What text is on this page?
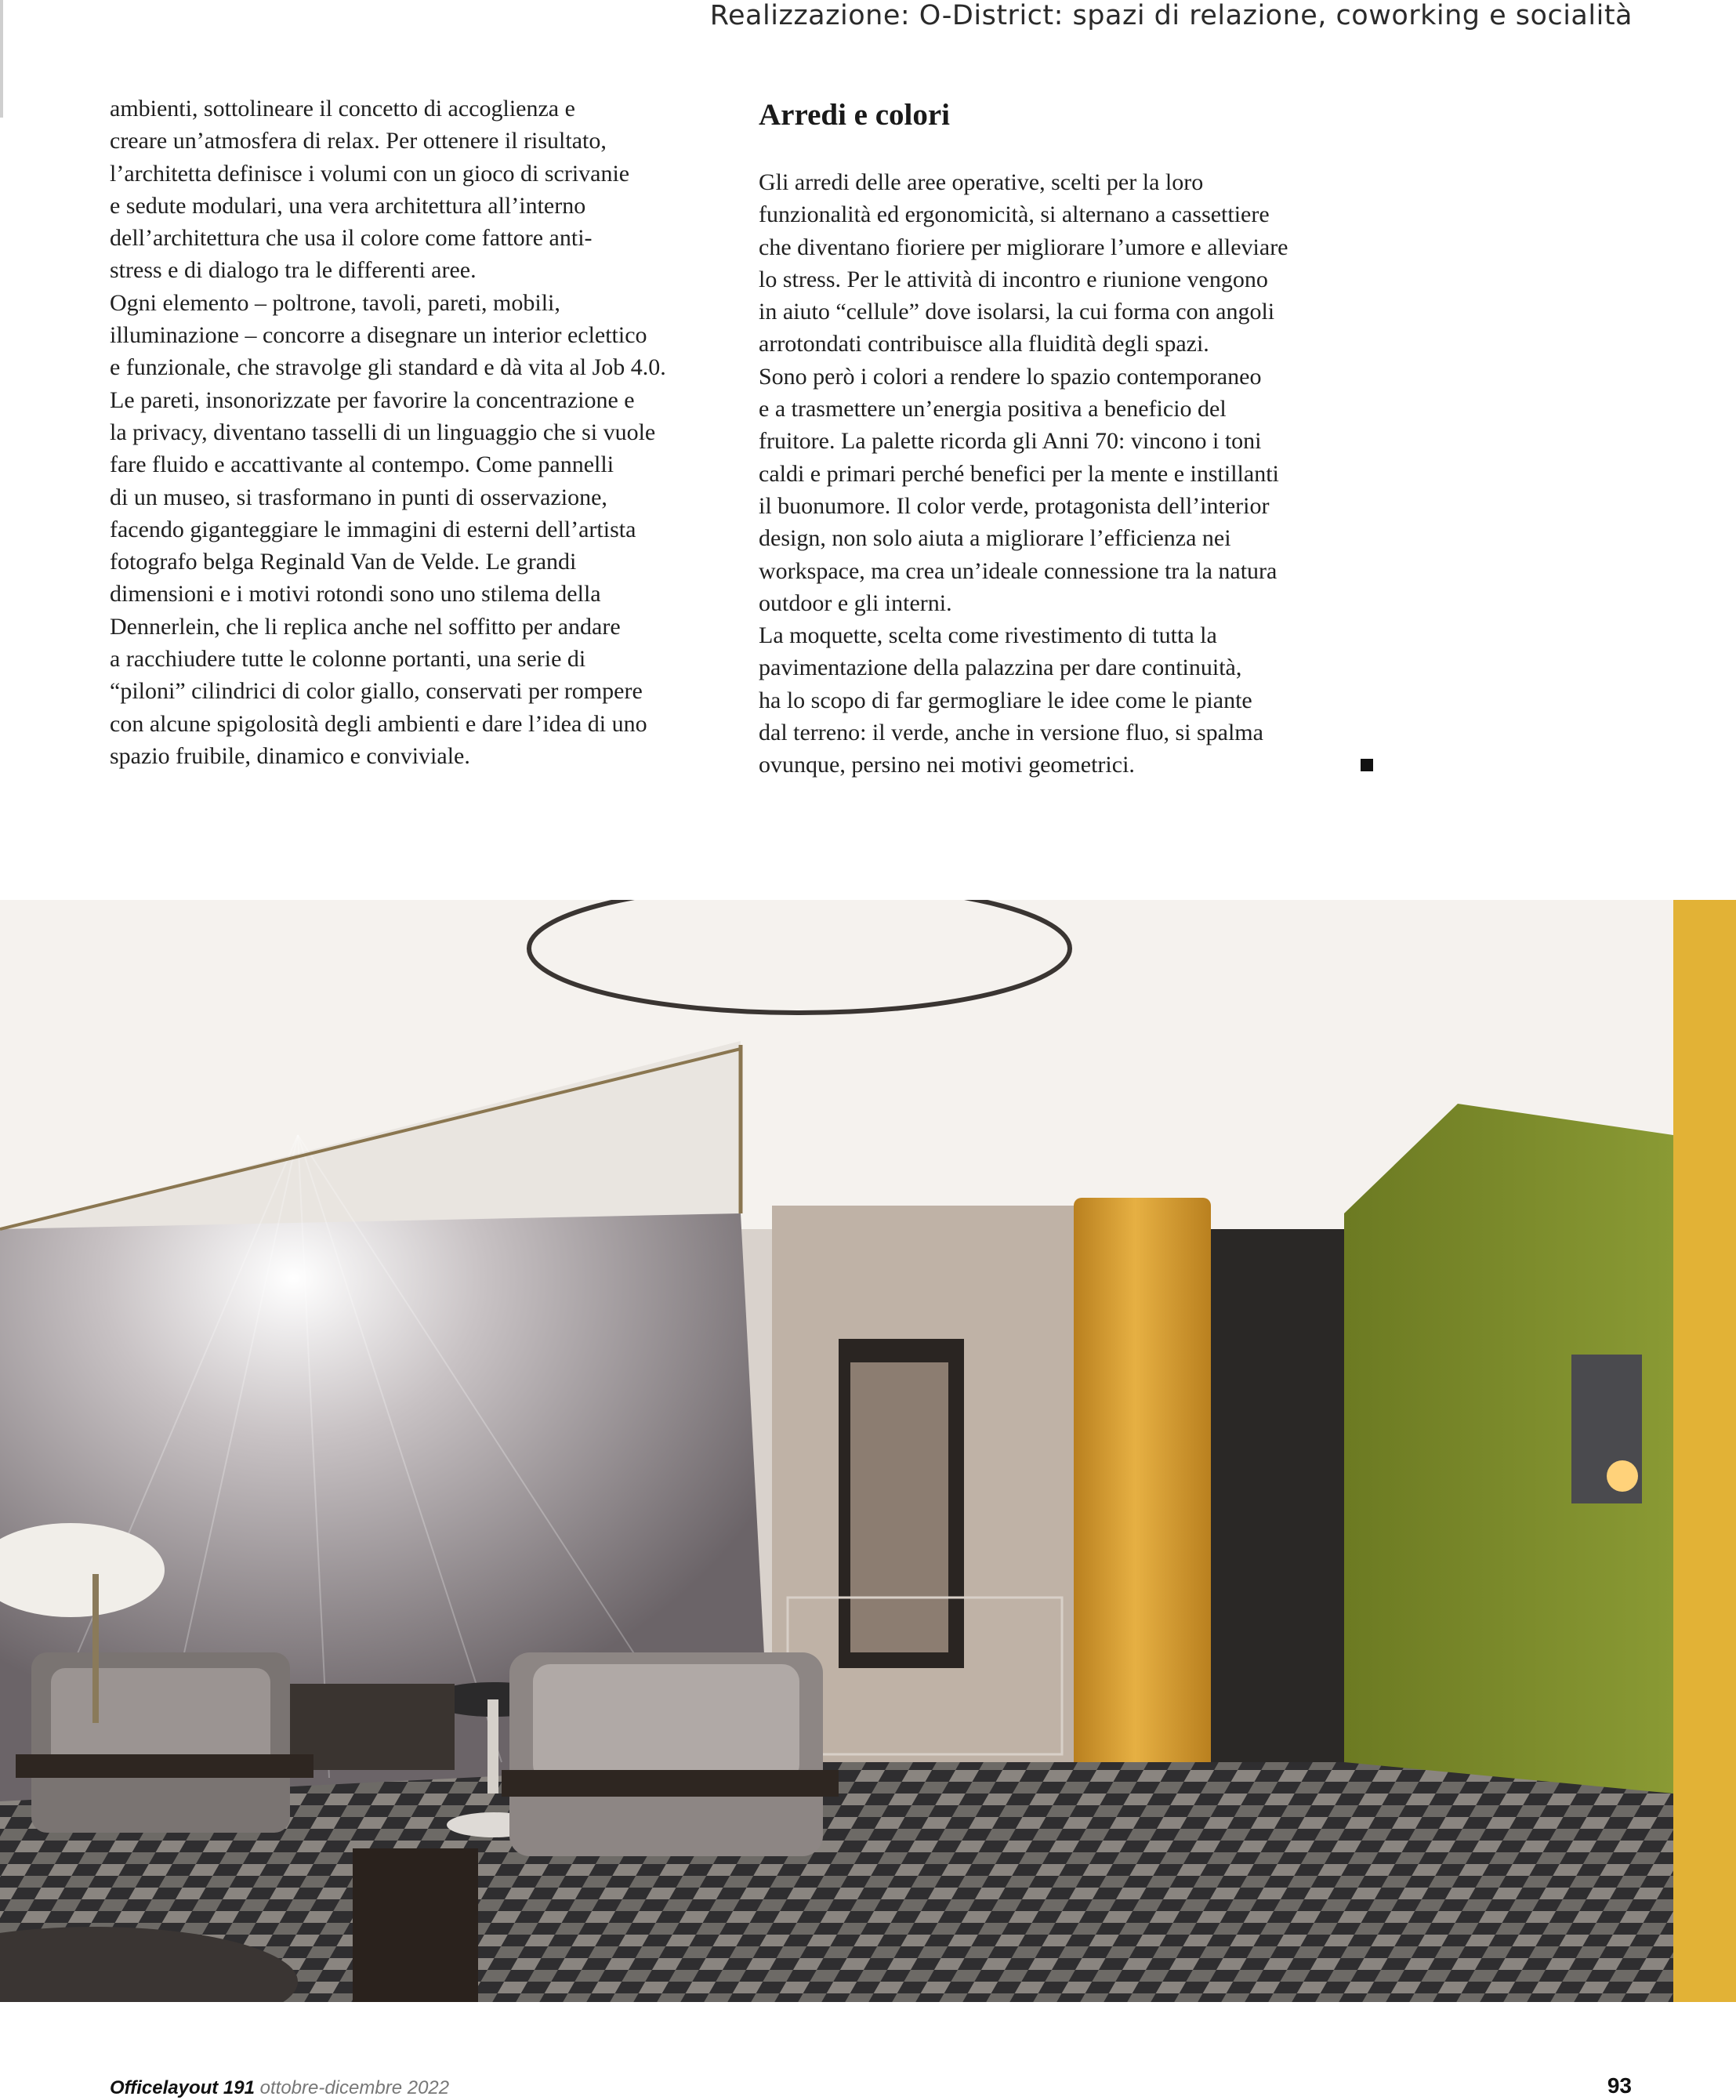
Realizzazione: O-District: spazi di relazione, coworking e socialità

ambienti, sottolineare il concetto di accoglienza e
creare un’atmosfera di relax. Per ottenere il risultato,
l’architetta definisce i volumi con un gioco di scrivanie
e sedute modulari, una vera architettura all’interno
dell’architettura che usa il colore come fattore anti-
stress e di dialogo tra le differenti aree.
Ogni elemento – poltrone, tavoli, pareti, mobili,
illuminazione – concorre a disegnare un interior eclettico
e funzionale, che stravolge gli standard e dà vita al Job 4.0.
Le pareti, insonorizzate per favorire la concentrazione e
la privacy, diventano tasselli di un linguaggio che si vuole
fare fluido e accattivante al contempo. Come pannelli
di un museo, si trasformano in punti di osservazione,
facendo giganteggiare le immagini di esterni dell’artista
fotografo belga Reginald Van de Velde. Le grandi
dimensioni e i motivi rotondi sono uno stilema della
Dennerlein, che li replica anche nel soffitto per andare
a racchiudere tutte le colonne portanti, una serie di
“piloni” cilindrici di color giallo, conservati per rompere
con alcune spigolosità degli ambienti e dare l’idea di uno
spazio fruibile, dinamico e conviviale.

Arredi e colori

Gli arredi delle aree operative, scelti per la loro
funzionalità ed ergonomicità, si alternano a cassettiere
che diventano fioriere per migliorare l’umore e alleviare
lo stress. Per le attività di incontro e riunione vengono
in aiuto “cellule” dove isolarsi, la cui forma con angoli
arrotondati contribuisce alla fluidità degli spazi.
Sono però i colori a rendere lo spazio contemporaneo
e a trasmettere un’energia positiva a beneficio del
fruitore. La palette ricorda gli Anni 70: vincono i toni
caldi e primari perché benefici per la mente e instillanti
il buonumore. Il color verde, protagonista dell’interior
design, non solo aiuta a migliorare l’efficienza nei
workspace, ma crea un’ideale connessione tra la natura
outdoor e gli interni.
La moquette, scelta come rivestimento di tutta la
pavimentazione della palazzina per dare continuità,
ha lo scopo di far germogliare le idee come le piante
dal terreno: il verde, anche in versione fluo, si spalma
ovunque, persino nei motivi geometrici.

Officelayout 191 ottobre-dicembre 2022	93
